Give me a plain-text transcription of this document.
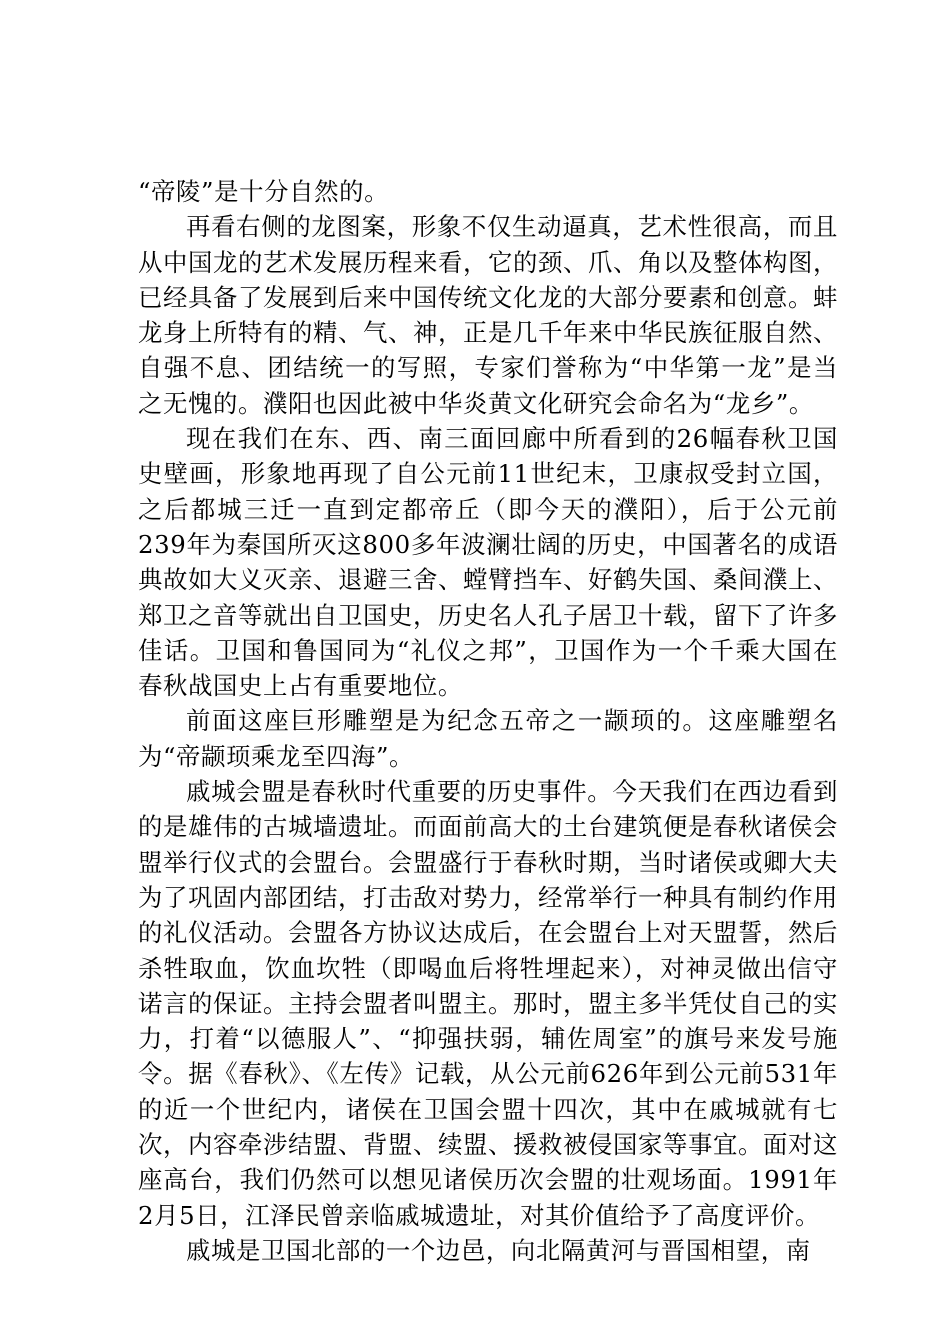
“帝陵”是十分自然的。

再看右侧的龙图案，形象不仅生动逼真，艺术性很高，而且从中国龙的艺术发展历程来看，它的颈、爪、角以及整体构图，已经具备了发展到后来中国传统文化龙的大部分要素和创意。蚌龙身上所特有的精、气、神，正是几千年来中华民族征服自然、自强不息、团结统一的写照，专家们誉称为“中华第一龙”是当之无愧的。濮阳也因此被中华炎黄文化研究会命名为“龙乡”。

现在我们在东、西、南三面回廊中所看到的26幅春秋卫国史壁画，形象地再现了自公元前11世纪末，卫康叔受封立国，之后都城三迁一直到定都帝丘（即今天的濮阳），后于公元前239年为秦国所灭这800多年波澜壮阔的历史，中国著名的成语典故如大义灭亲、退避三舍、螳臂挡车、好鹤失国、桑间濮上、郑卫之音等就出自卫国史，历史名人孔子居卫十载，留下了许多佳话。卫国和鲁国同为“礼仪之邦”，卫国作为一个千乘大国在春秋战国史上占有重要地位。

前面这座巨形雕塑是为纪念五帝之一颛顼的。这座雕塑名为“帝颛顼乘龙至四海”。

戚城会盟是春秋时代重要的历史事件。今天我们在西边看到的是雄伟的古城墙遗址。而面前高大的土台建筑便是春秋诸侯会盟举行仪式的会盟台。会盟盛行于春秋时期，当时诸侯或卿大夫为了巩固内部团结，打击敌对势力，经常举行一种具有制约作用的礼仪活动。会盟各方协议达成后，在会盟台上对天盟誓，然后杀牲取血，饮血坎牲（即喝血后将牲埋起来），对神灵做出信守诺言的保证。主持会盟者叫盟主。那时，盟主多半凭仗自己的实力，打着“以德服人”、“抑强扶弱，辅佐周室”的旗号来发号施令。据《春秋》、《左传》记载，从公元前626年到公元前531年的近一个世纪内，诸侯在卫国会盟十四次，其中在戚城就有七次，内容牵涉结盟、背盟、续盟、援救被侵国家等事宜。面对这座高台，我们仍然可以想见诸侯历次会盟的壮观场面。1991年2月5日，江泽民曾亲临戚城遗址，对其价值给予了高度评价。

戚城是卫国北部的一个边邑，向北隔黄河与晋国相望，南
